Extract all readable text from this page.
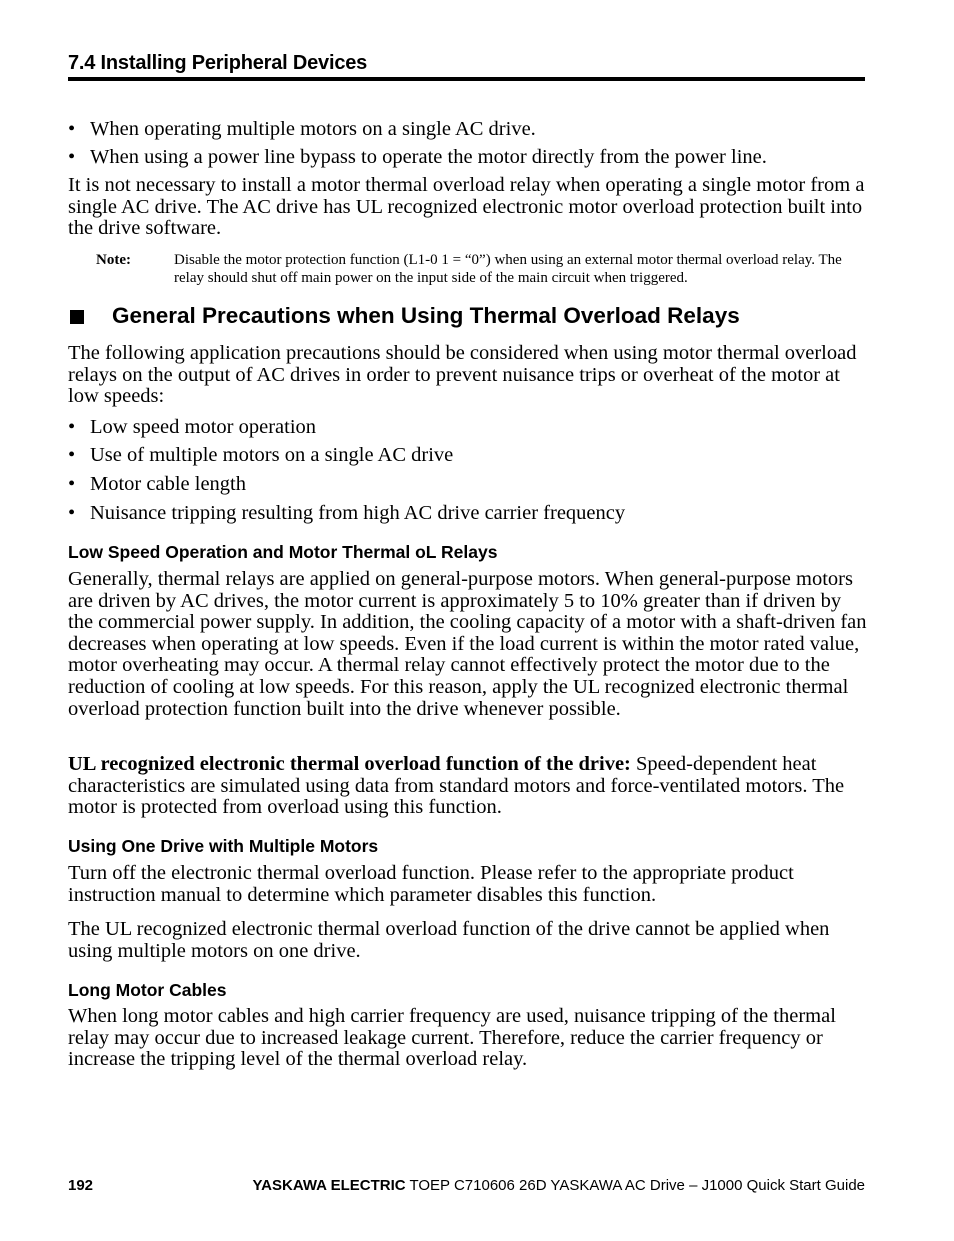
7.4 Installing Peripheral Devices
• When operating multiple motors on a single AC drive.
• When using a power line bypass to operate the motor directly from the power line.

It is not necessary to install a motor thermal overload relay when operating a single motor from a single AC drive. The AC drive has UL recognized electronic motor overload protection built into the drive software.

Note:	Disable the motor protection function (L1-0 1 = “0”) when using an external motor thermal overload relay. The relay should shut off main power on the input side of the main circuit when triggered.
General Precautions when Using Thermal Overload Relays

The following application precautions should be considered when using motor thermal overload relays on the output of AC drives in order to prevent nuisance trips or overheat of the motor at low speeds:

• Low speed motor operation
• Use of multiple motors on a single AC drive
• Motor cable length
• Nuisance tripping resulting from high AC drive carrier frequency
Low Speed Operation and Motor Thermal oL Relays

Generally, thermal relays are applied on general-purpose motors. When general-purpose motors are driven by AC drives, the motor current is approximately 5 to 10% greater than if driven by the commercial power supply. In addition, the cooling capacity of a motor with a shaft-driven fan decreases when operating at low speeds. Even if the load current is within the motor rated value, motor overheating may occur. A thermal relay cannot effectively protect the motor due to the reduction of cooling at low speeds. For this reason, apply the UL recognized electronic thermal overload protection function built into the drive whenever possible.

UL recognized electronic thermal overload function of the drive: Speed-dependent heat characteristics are simulated using data from standard motors and force-ventilated motors. The motor is protected from overload using this function.

Using One Drive with Multiple Motors

Turn off the electronic thermal overload function. Please refer to the appropriate product instruction manual to determine which parameter disables this function.

The UL recognized electronic thermal overload function of the drive cannot be applied when using multiple motors on one drive.

Long Motor Cables

When long motor cables and high carrier frequency are used, nuisance tripping of the thermal relay may occur due to increased leakage current. Therefore, reduce the carrier frequency or increase the tripping level of the thermal overload relay.

192	YASKAWA ELECTRIC TOEP C710606 26D YASKAWA AC Drive – J1000 Quick Start Guide
